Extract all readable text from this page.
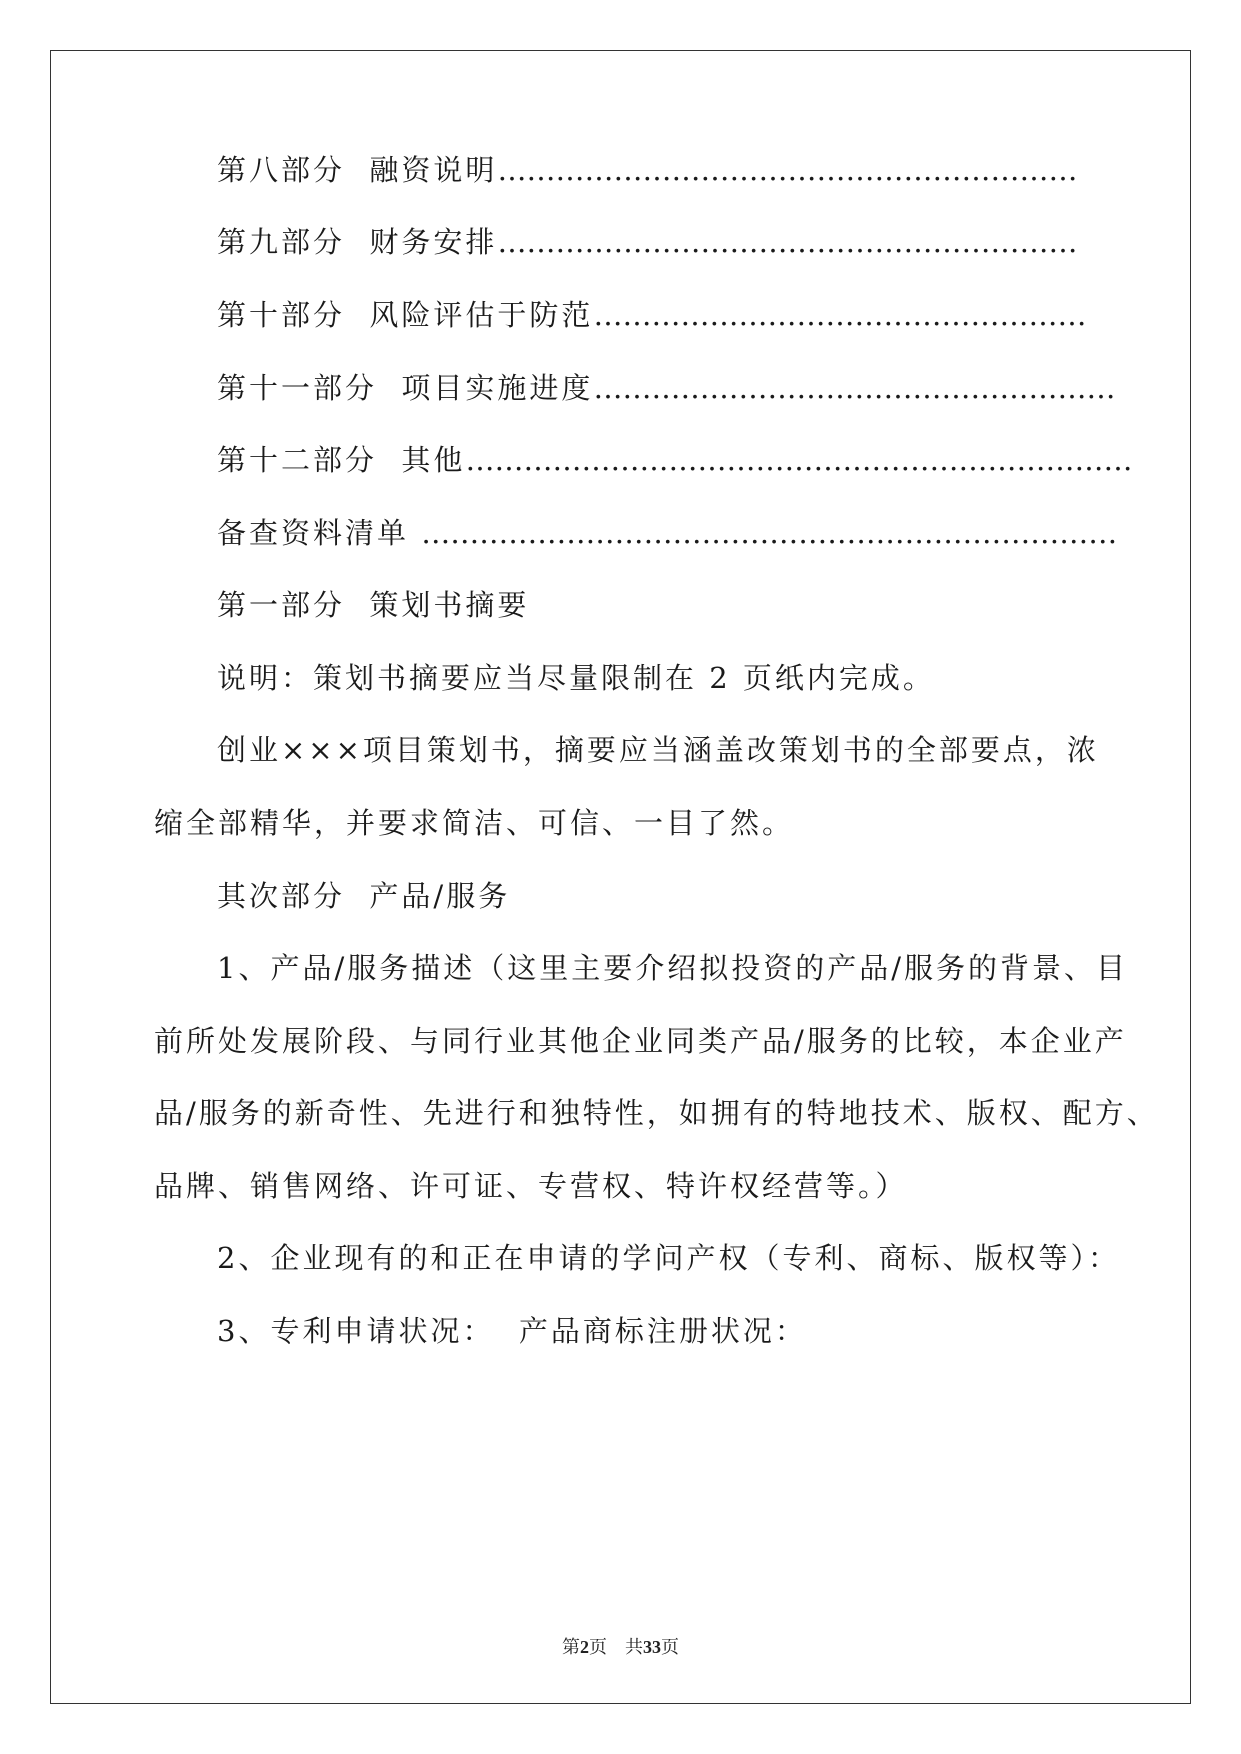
第八部分  融资说明……………………………………………………
第九部分  财务安排……………………………………………………
第十部分  风险评估于防范……………………………………………
第十一部分  项目实施进度………………………………………………
第十二部分  其他……………………………………………………………
备查资料清单 ………………………………………………………………
第一部分  策划书摘要
说明：策划书摘要应当尽量限制在 2 页纸内完成。
创业×××项目策划书，摘要应当涵盖改策划书的全部要点，浓
缩全部精华，并要求简洁、可信、一目了然。
其次部分  产品/服务
1、产品/服务描述（这里主要介绍拟投资的产品/服务的背景、目
前所处发展阶段、与同行业其他企业同类产品/服务的比较，本企业产
品/服务的新奇性、先进行和独特性，如拥有的特地技术、版权、配方、
品牌、销售网络、许可证、专营权、特许权经营等。）
2、企业现有的和正在申请的学问产权（专利、商标、版权等）：
3、专利申请状况：  产品商标注册状况：
第2页    共33页
